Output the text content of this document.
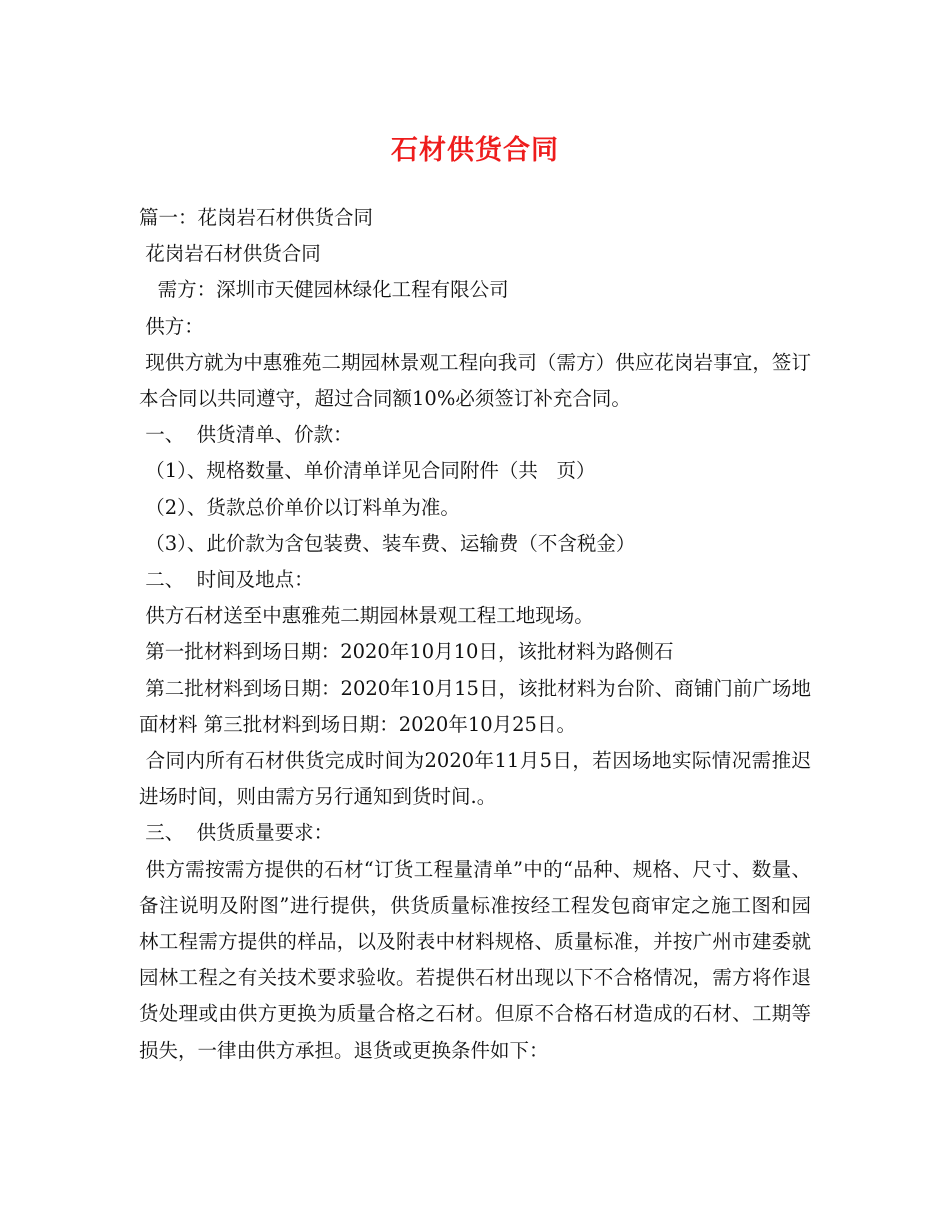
石材供货合同

篇一：花岗岩石材供货合同

花岗岩石材供货合同

需方：深圳市天健园林绿化工程有限公司

供方：

现供方就为中惠雅苑二期园林景观工程向我司（需方）供应花岗岩事宜，签订本合同以共同遵守，超过合同额10%必须签订补充合同。

一、  供货清单、价款：

（1）、规格数量、单价清单详见合同附件（共   页）

（2）、货款总价单价以订料单为准。

（3）、此价款为含包装费、装车费、运输费（不含税金）

二、  时间及地点：

供方石材送至中惠雅苑二期园林景观工程工地现场。

第一批材料到场日期：2020年10月10日，该批材料为路侧石

第二批材料到场日期：2020年10月15日，该批材料为台阶、商铺门前广场地面材料 第三批材料到场日期：2020年10月25日。

合同内所有石材供货完成时间为2020年11月5日，若因场地实际情况需推迟进场时间，则由需方另行通知到货时间.。

三、  供货质量要求：

供方需按需方提供的石材“订货工程量清单”中的“品种、规格、尺寸、数量、备注说明及附图”进行提供，供货质量标准按经工程发包商审定之施工图和园林工程需方提供的样品，以及附表中材料规格、质量标准，并按广州市建委就园林工程之有关技术要求验收。若提供石材出现以下不合格情况，需方将作退货处理或由供方更换为质量合格之石材。但原不合格石材造成的石材、工期等损失，一律由供方承担。退货或更换条件如下：
